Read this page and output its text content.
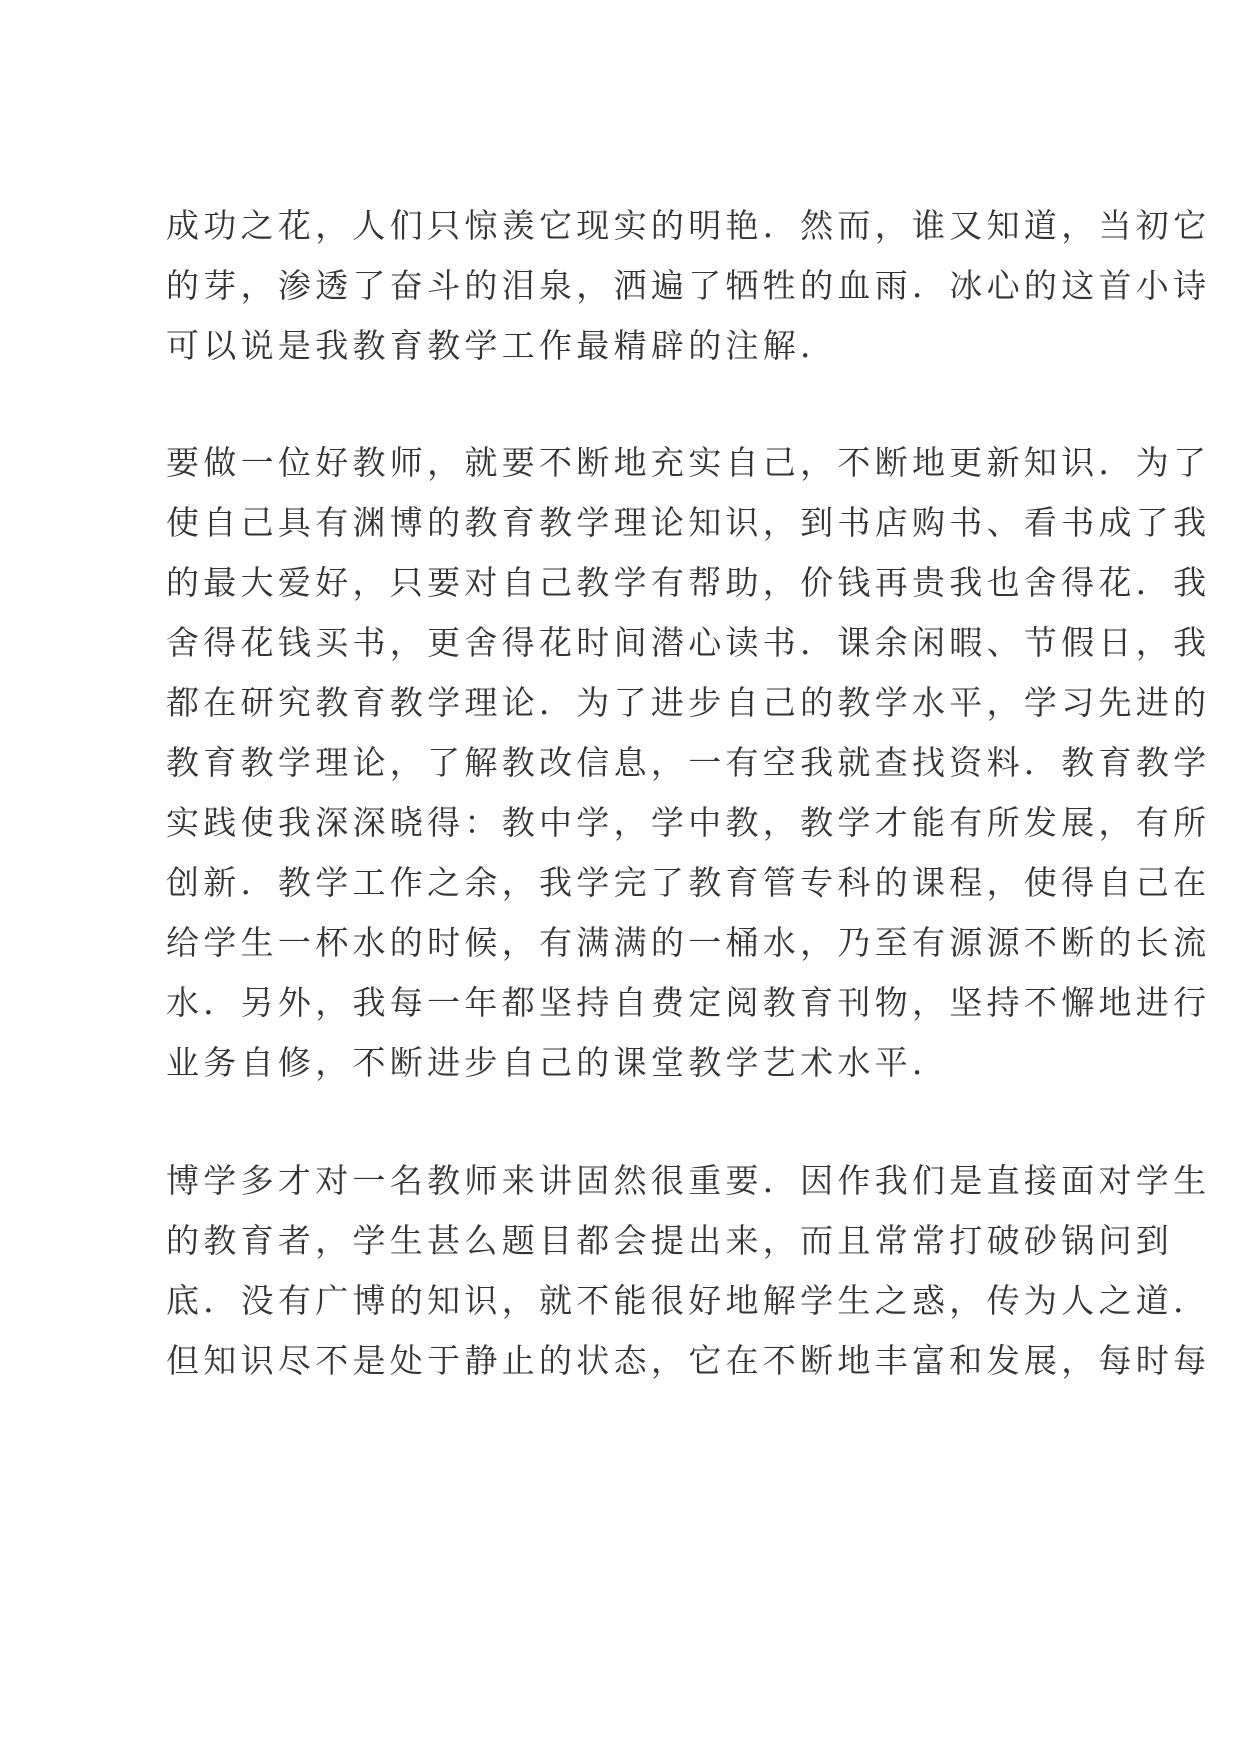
成功之花，人们只惊羡它现实的明艳．然而，谁又知道，当初它
的芽，渗透了奋斗的泪泉，洒遍了牺牲的血雨．冰心的这首小诗
可以说是我教育教学工作最精辟的注解．
要做一位好教师，就要不断地充实自己，不断地更新知识．为了
使自己具有渊博的教育教学理论知识，到书店购书、看书成了我
的最大爱好，只要对自己教学有帮助，价钱再贵我也舍得花．我
舍得花钱买书，更舍得花时间潜心读书．课余闲暇、节假日，我
都在研究教育教学理论．为了进步自己的教学水平，学习先进的
教育教学理论，了解教改信息，一有空我就查找资料．教育教学
实践使我深深晓得：教中学，学中教，教学才能有所发展，有所
创新．教学工作之余，我学完了教育管专科的课程，使得自己在
给学生一杯水的时候，有满满的一桶水，乃至有源源不断的长流
水．另外，我每一年都坚持自费定阅教育刊物，坚持不懈地进行
业务自修，不断进步自己的课堂教学艺术水平．
博学多才对一名教师来讲固然很重要．因作我们是直接面对学生
的教育者，学生甚么题目都会提出来，而且常常打破砂锅问到
底．没有广博的知识，就不能很好地解学生之惑，传为人之道．
但知识尽不是处于静止的状态，它在不断地丰富和发展，每时每
